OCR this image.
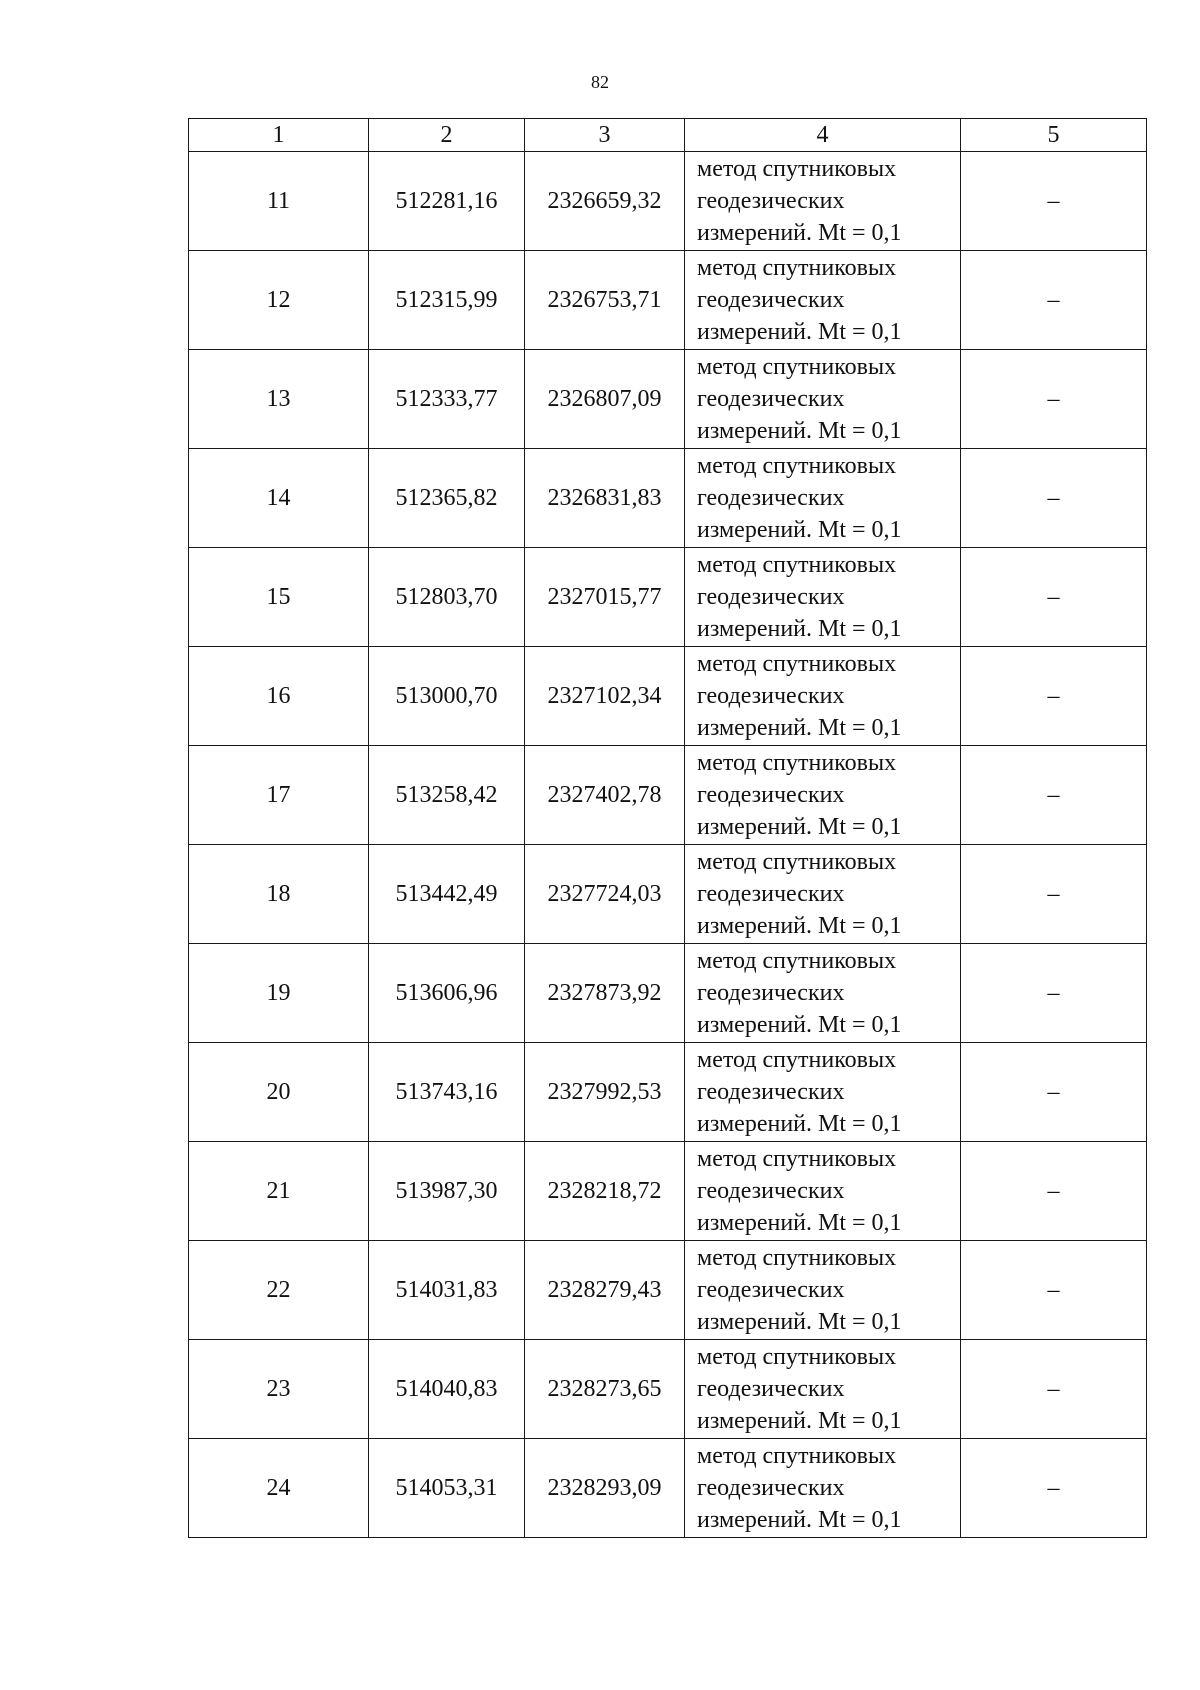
82
1	2	3	4	5
11	512281,16	2326659,32	метод спутниковых
геодезических
измерений. Mt = 0,1	–
12	512315,99	2326753,71	метод спутниковых
геодезических
измерений. Mt = 0,1	–
13	512333,77	2326807,09	метод спутниковых
геодезических
измерений. Mt = 0,1	–
14	512365,82	2326831,83	метод спутниковых
геодезических
измерений. Mt = 0,1	–
15	512803,70	2327015,77	метод спутниковых
геодезических
измерений. Mt = 0,1	–
16	513000,70	2327102,34	метод спутниковых
геодезических
измерений. Mt = 0,1	–
17	513258,42	2327402,78	метод спутниковых
геодезических
измерений. Mt = 0,1	–
18	513442,49	2327724,03	метод спутниковых
геодезических
измерений. Mt = 0,1	–
19	513606,96	2327873,92	метод спутниковых
геодезических
измерений. Mt = 0,1	–
20	513743,16	2327992,53	метод спутниковых
геодезических
измерений. Mt = 0,1	–
21	513987,30	2328218,72	метод спутниковых
геодезических
измерений. Mt = 0,1	–
22	514031,83	2328279,43	метод спутниковых
геодезических
измерений. Mt = 0,1	–
23	514040,83	2328273,65	метод спутниковых
геодезических
измерений. Mt = 0,1	–
24	514053,31	2328293,09	метод спутниковых
геодезических
измерений. Mt = 0,1	–
